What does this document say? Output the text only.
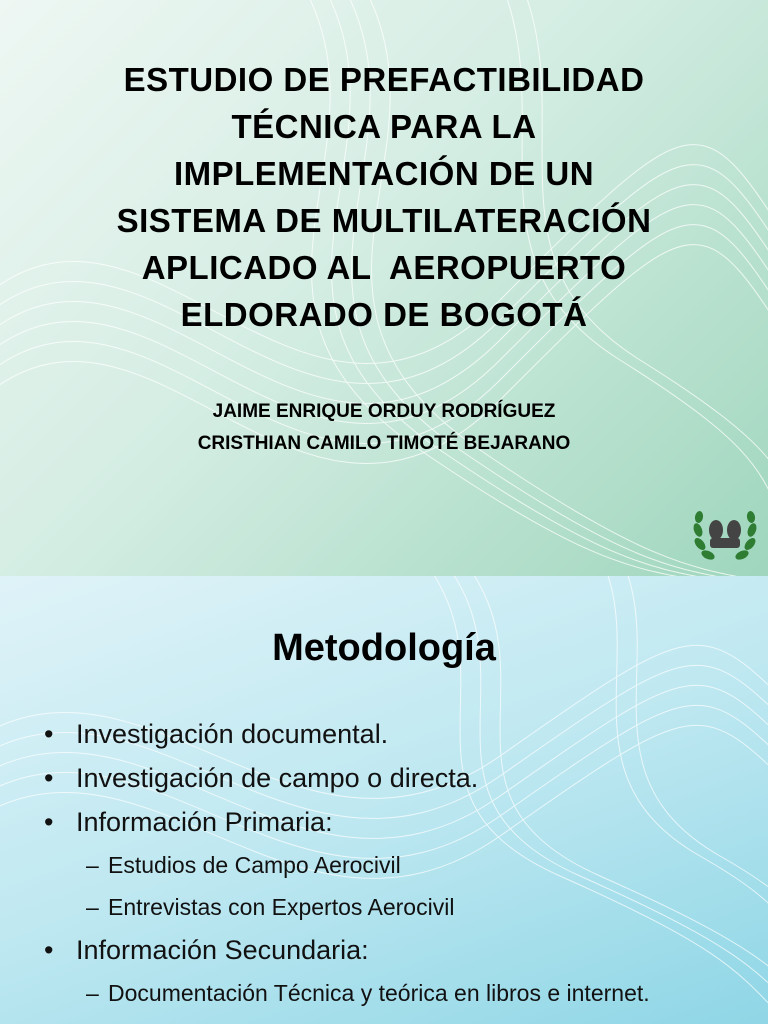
ESTUDIO DE PREFACTIBILIDAD
TÉCNICA PARA LA
IMPLEMENTACIÓN DE UN
SISTEMA DE MULTILATERACIÓN
APLICADO AL  AEROPUERTO
ELDORADO DE BOGOTÁ
JAIME ENRIQUE ORDUY RODRÍGUEZ
CRISTHIAN CAMILO TIMOTÉ BEJARANO
Metodología
• Investigación documental.
• Investigación de campo o directa.
• Información Primaria:
– Estudios de Campo Aerocivil
– Entrevistas con Expertos Aerocivil
• Información Secundaria:
– Documentación Técnica y teórica en libros e internet.
